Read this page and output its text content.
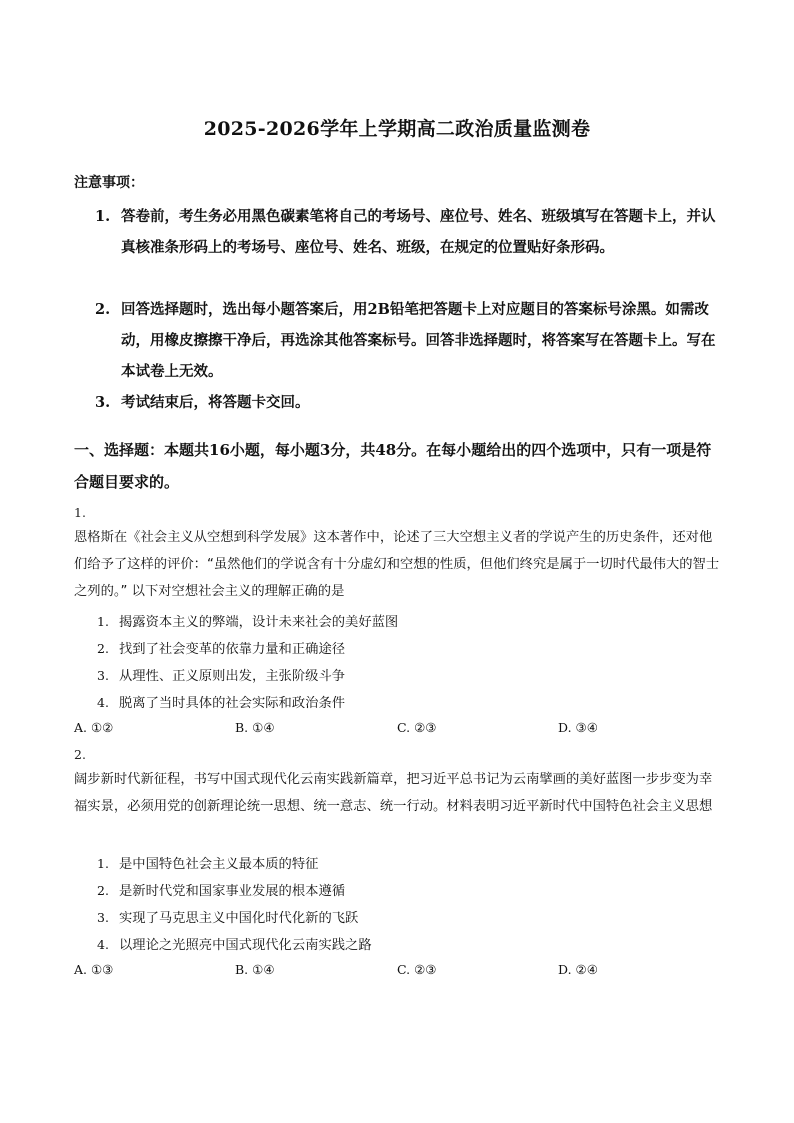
2025-2026学年上学期高二政治质量监测卷
注意事项：
1. 答卷前，考生务必用黑色碳素笔将自己的考场号、座位号、姓名、班级填写在答题卡上，并认真核准条形码上的考场号、座位号、姓名、班级，在规定的位置贴好条形码。
2. 回答选择题时，选出每小题答案后，用2B铅笔把答题卡上对应题目的答案标号涂黑。如需改动，用橡皮擦擦干净后，再选涂其他答案标号。回答非选择题时，将答案写在答题卡上。写在本试卷上无效。
3. 考试结束后，将答题卡交回。
一、选择题：本题共16小题，每小题3分，共48分。在每小题给出的四个选项中，只有一项是符合题目要求的。
1.
恩格斯在《社会主义从空想到科学发展》这本著作中，论述了三大空想主义者的学说产生的历史条件，还对他们给予了这样的评价：“虽然他们的学说含有十分虚幻和空想的性质，但他们终究是属于一切时代最伟大的智士之列的。” 以下对空想社会主义的理解正确的是
1. 揭露资本主义的弊端，设计未来社会的美好蓝图
2. 找到了社会变革的依靠力量和正确途径
3. 从理性、正义原则出发，主张阶级斗争
4. 脱离了当时具体的社会实际和政治条件
A. ①②	B. ①④	C. ②③	D. ③④
2.
阔步新时代新征程，书写中国式现代化云南实践新篇章，把习近平总书记为云南擘画的美好蓝图一步步变为幸福实景，必须用党的创新理论统一思想、统一意志、统一行动。材料表明习近平新时代中国特色社会主义思想
1. 是中国特色社会主义最本质的特征
2. 是新时代党和国家事业发展的根本遵循
3. 实现了马克思主义中国化时代化新的飞跃
4. 以理论之光照亮中国式现代化云南实践之路
A. ①③	B. ①④	C. ②③	D. ②④
